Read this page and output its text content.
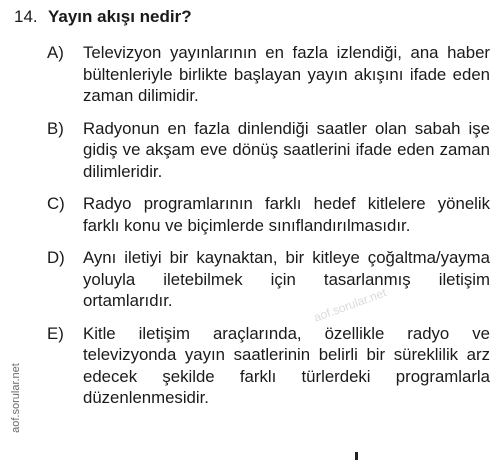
14. Yayın akışı nedir?
A)	Televizyon yayınlarının en fazla izlendiği, ana haber bültenleriyle birlikte başlayan yayın akışını ifade eden zaman dilimidir.
B)	Radyonun en fazla dinlendiği saatler olan sabah işe gidiş ve akşam eve dönüş saatlerini ifade eden zaman dilimleridir.
C)	Radyo programlarının farklı hedef kitlelere yönelik farklı konu ve biçimlerde sınıflandırılmasıdır.
D)	Aynı iletiyi bir kaynaktan, bir kitleye çoğaltma/yayma yoluyla iletebilmek için tasarlanmış iletişim ortamlarıdır.
E)	Kitle iletişim araçlarında, özellikle radyo ve televizyonda yayın saatlerinin belirli bir süreklilik arz edecek şekilde farklı türlerdeki programlarla düzenlenmesidir.
aof.sorular.net
aof.sorular.net
